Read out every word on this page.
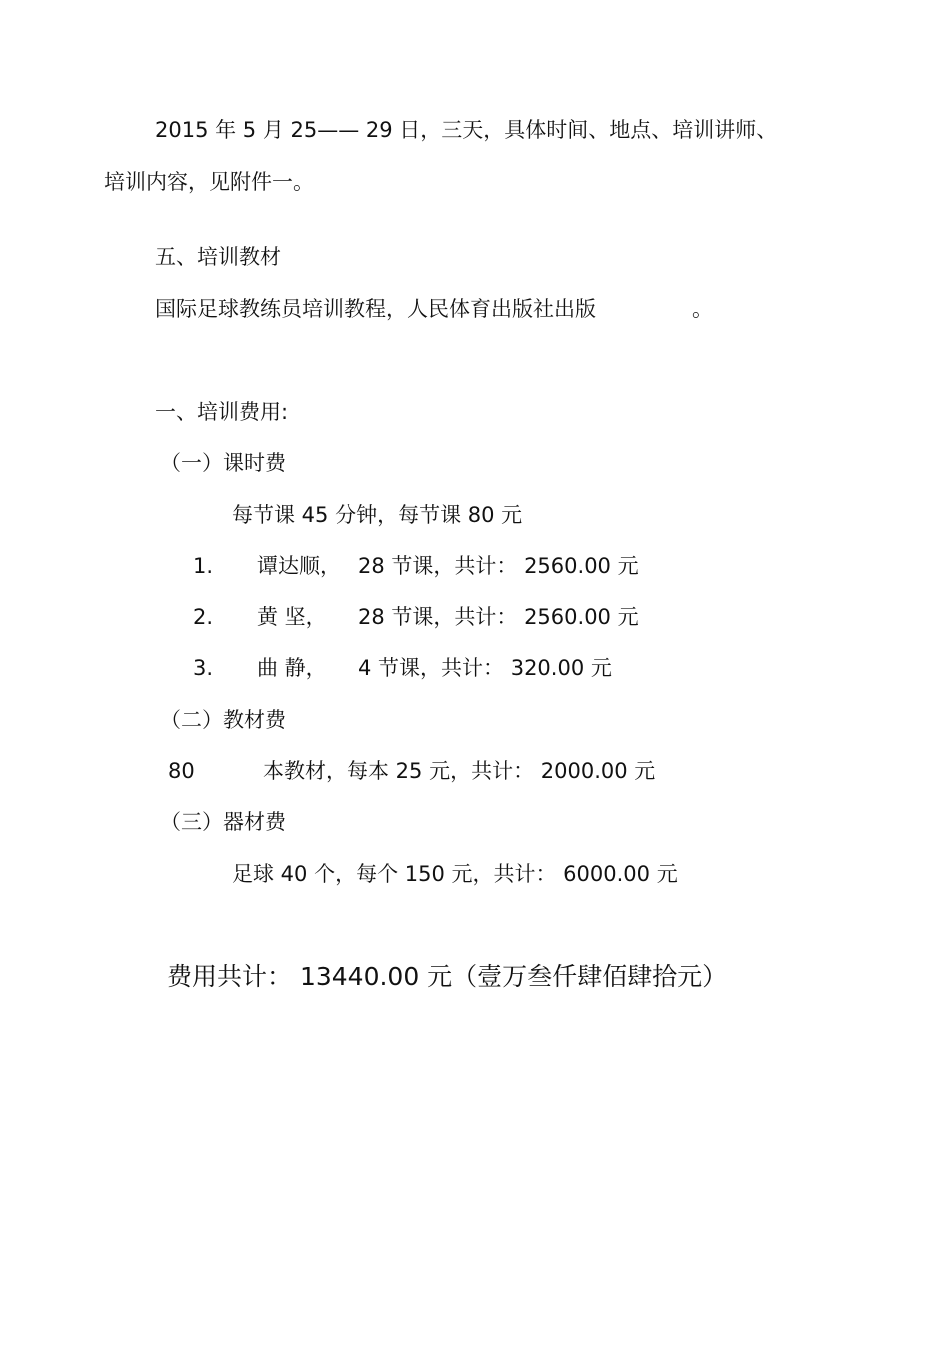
2015 年 5 月 25—— 29 日，三天，具体时间、地点、培训讲师、
培训内容，见附件一。
五、培训教材
国际足球教练员培训教程，人民体育出版社出版	。
一、培训费用:
（一）课时费
每节课 45 分钟，每节课 80 元
1. 谭达顺， 28 节课，共计： 2560.00 元
2. 黄 坚， 28 节课，共计： 2560.00 元
3. 曲 静， 4 节课，共计： 320.00 元
（二）教材费
80	本教材，每本 25 元，共计： 2000.00 元
（三）器材费
足球 40 个，每个 150 元，共计： 6000.00 元
费用共计： 13440.00 元（壹万叁仟肆佰肆拾元）
